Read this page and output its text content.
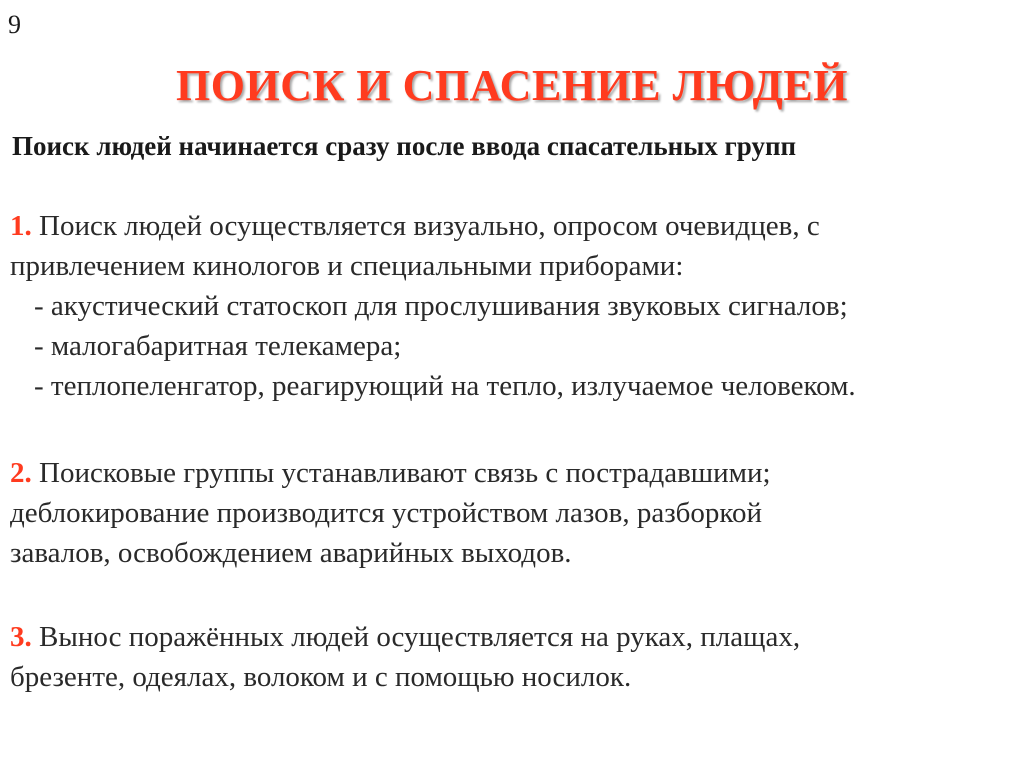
9
ПОИСК И СПАСЕНИЕ ЛЮДЕЙ
Поиск людей начинается сразу после ввода спасательных групп
1. Поиск людей осуществляется визуально, опросом очевидцев, с
привлечением кинологов и специальными приборами:
- акустический статоскоп для прослушивания звуковых сигналов;
- малогабаритная телекамера;
- теплопеленгатор, реагирующий на тепло, излучаемое человеком.
2. Поисковые группы устанавливают связь с пострадавшими;
деблокирование производится устройством лазов, разборкой
завалов, освобождением аварийных выходов.
3. Вынос поражённых людей осуществляется на руках, плащах,
брезенте, одеялах, волоком и с помощью носилок.
